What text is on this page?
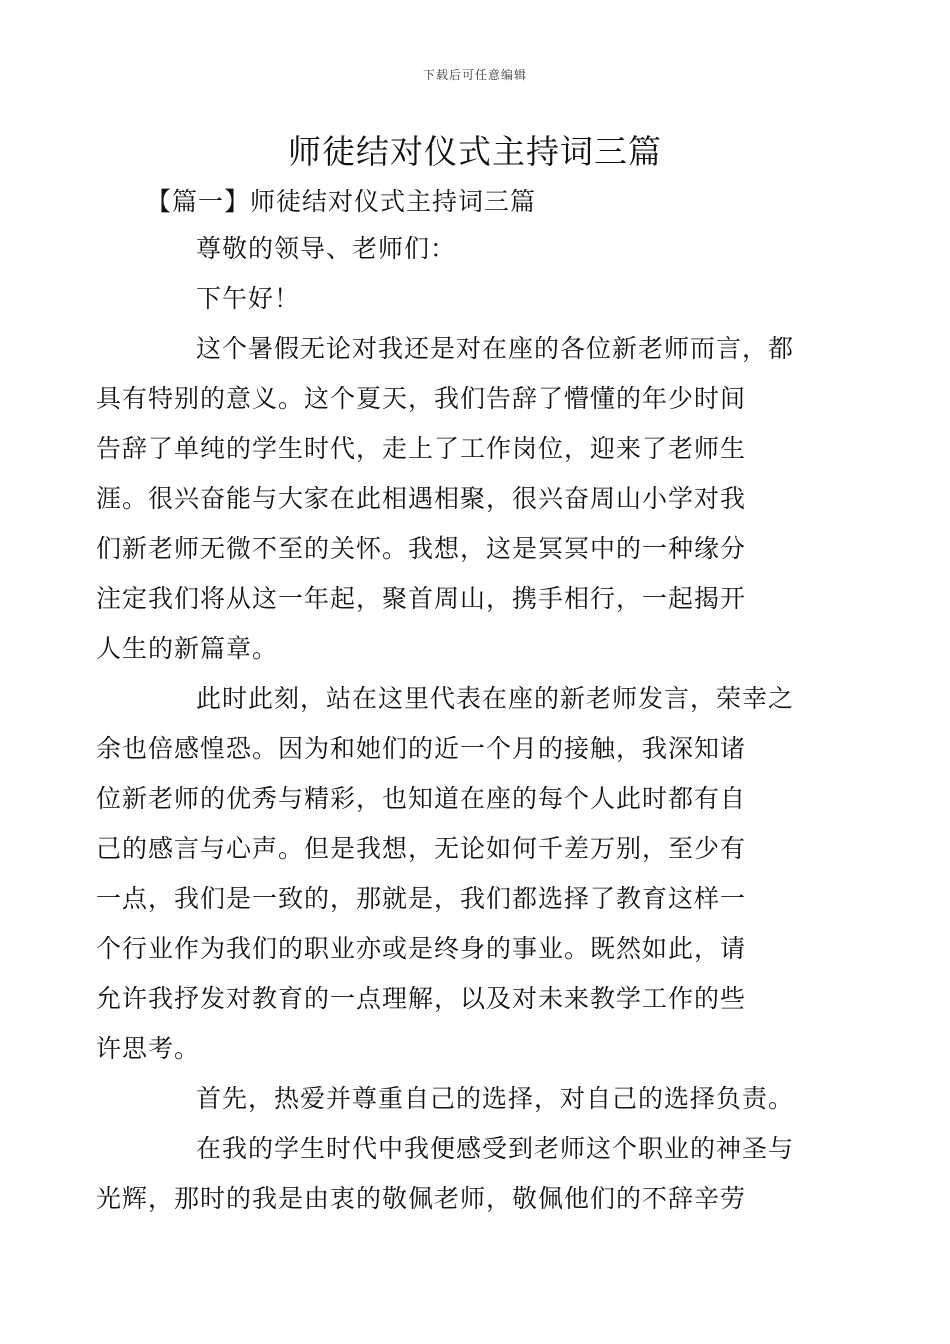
下载后可任意编辑
师徒结对仪式主持词三篇
【篇一】师徒结对仪式主持词三篇

尊敬的领导、老师们：

下午好！

这个暑假无论对我还是对在座的各位新老师而言，都
具有特别的意义。这个夏天，我们告辞了懵懂的年少时间
告辞了单纯的学生时代，走上了工作岗位，迎来了老师生
涯。很兴奋能与大家在此相遇相聚，很兴奋周山小学对我
们新老师无微不至的关怀。我想，这是冥冥中的一种缘分
注定我们将从这一年起，聚首周山，携手相行，一起揭开
人生的新篇章。

此时此刻，站在这里代表在座的新老师发言，荣幸之
余也倍感惶恐。因为和她们的近一个月的接触，我深知诸
位新老师的优秀与精彩，也知道在座的每个人此时都有自
己的感言与心声。但是我想，无论如何千差万别，至少有
一点，我们是一致的，那就是，我们都选择了教育这样一
个行业作为我们的职业亦或是终身的事业。既然如此，请
允许我抒发对教育的一点理解，以及对未来教学工作的些
许思考。

首先，热爱并尊重自己的选择，对自己的选择负责。

在我的学生时代中我便感受到老师这个职业的神圣与
光辉，那时的我是由衷的敬佩老师，敬佩他们的不辞辛劳
